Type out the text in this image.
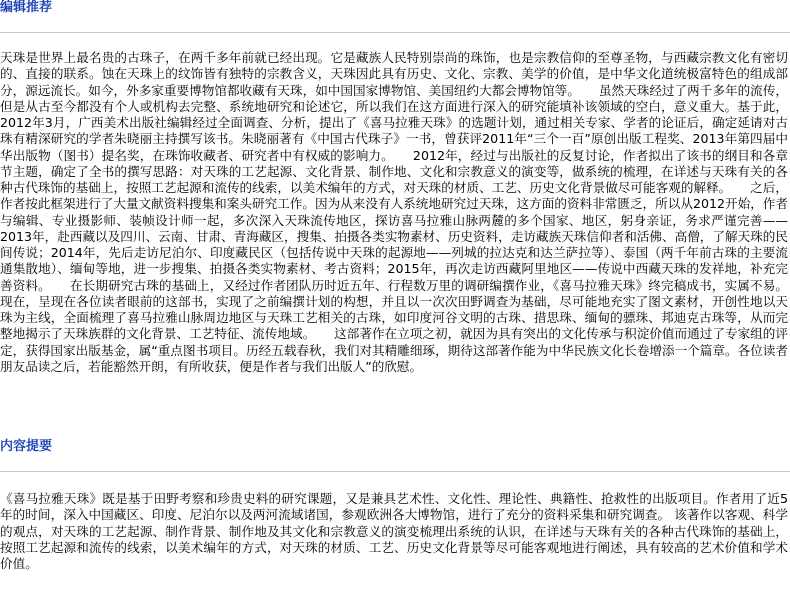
编辑推荐

天珠是世界上最名贵的古珠子，在两千多年前就已经出现。它是藏族人民特别崇尚的珠饰，也是宗教信仰的至尊圣物，与西藏宗教文化有密切的、直接的联系。蚀在天珠上的纹饰皆有独特的宗教含义，天珠因此具有历史、文化、宗教、美学的价值，是中华文化道统极富特色的组成部分，源远流长。如今，外多家重要博物馆都收藏有天珠，如中国国家博物馆、美国纽约大都会博物馆等。　　虽然天珠经过了两千多年的流传，但是从古至今都没有个人或机构去完整、系统地研究和论述它，所以我们在这方面进行深入的研究能填补该领域的空白，意义重大。基于此，2012年3月，广西美术出版社编辑经过全面调查、分析，提出了《喜马拉雅天珠》的选题计划，通过相关专家、学者的论证后，确定延请对古珠有精深研究的学者朱晓丽主持撰写该书。朱晓丽著有《中国古代珠子》一书，曾获评2011年“三个一百”原创出版工程奖、2013年第四届中华出版物（图书）提名奖，在珠饰收藏者、研究者中有权威的影响力。　　2012年，经过与出版社的反复讨论，作者拟出了该书的纲目和各章节主题，确定了全书的撰写思路：对天珠的工艺起源、文化背景、制作地、文化和宗教意义的演变等，做系统的梳理，在详述与天珠有关的各种古代珠饰的基础上，按照工艺起源和流传的线索，以美术编年的方式，对天珠的材质、工艺、历史文化背景做尽可能客观的解释。　　之后，作者按此框架进行了大量文献资料搜集和案头研究工作。因为从来没有人系统地研究过天珠，这方面的资料非常匮乏，所以从2012开始，作者与编辑、专业摄影师、装帧设计师一起，多次深入天珠流传地区，探访喜马拉雅山脉两麓的多个国家、地区，躬身亲证，务求严谨完善——2013年，赴西藏以及四川、云南、甘肃、青海藏区，搜集、拍摄各类实物素材、历史资料，走访藏族天珠信仰者和活佛、高僧，了解天珠的民间传说；2014年，先后走访尼泊尔、印度藏民区（包括传说中天珠的起源地——列城的拉达克和达兰萨拉等）、泰国（两千年前古珠的主要流通集散地）、缅甸等地，进一步搜集、拍摄各类实物素材、考古资料；2015年，再次走访西藏阿里地区——传说中西藏天珠的发祥地，补充完善资料。　　在长期研究古珠的基础上，又经过作者团队历时近五年、行程数万里的调研编撰作业，《喜马拉雅天珠》终完稿成书，实属不易。现在，呈现在各位读者眼前的这部书，实现了之前编撰计划的构想，并且以一次次田野调查为基础，尽可能地充实了图文素材，开创性地以天珠为主线，全面梳理了喜马拉雅山脉周边地区与天珠工艺相关的古珠，如印度河谷文明的古珠、措思珠、缅甸的骠珠、邦迪克古珠等，从而完整地揭示了天珠族群的文化背景、工艺特征、流传地域。　　这部著作在立项之初，就因为具有突出的文化传承与积淀价值而通过了专家组的评定，获得国家出版基金，属“重点图书项目。历经五载春秋，我们对其精雕细琢，期待这部著作能为中华民族文化长卷增添一个篇章。各位读者朋友品读之后，若能豁然开朗，有所收获，便是作者与我们出版人”的欣慰。

内容提要

《喜马拉雅天珠》既是基于田野考察和珍贵史料的研究课题，又是兼具艺术性、文化性、理论性、典籍性、抢救性的出版项目。作者用了近5年的时间，深入中国藏区、印度、尼泊尔以及两河流域诸国，参观欧洲各大博物馆，进行了充分的资料采集和研究调查。 该著作以客观、科学的观点，对天珠的工艺起源、制作背景、制作地及其文化和宗教意义的演变梳理出系统的认识，在详述与天珠有关的各种古代珠饰的基础上，按照工艺起源和流传的线索，以美术编年的方式，对天珠的材质、工艺、历史文化背景等尽可能客观地进行阐述，具有较高的艺术价值和学术价值。
